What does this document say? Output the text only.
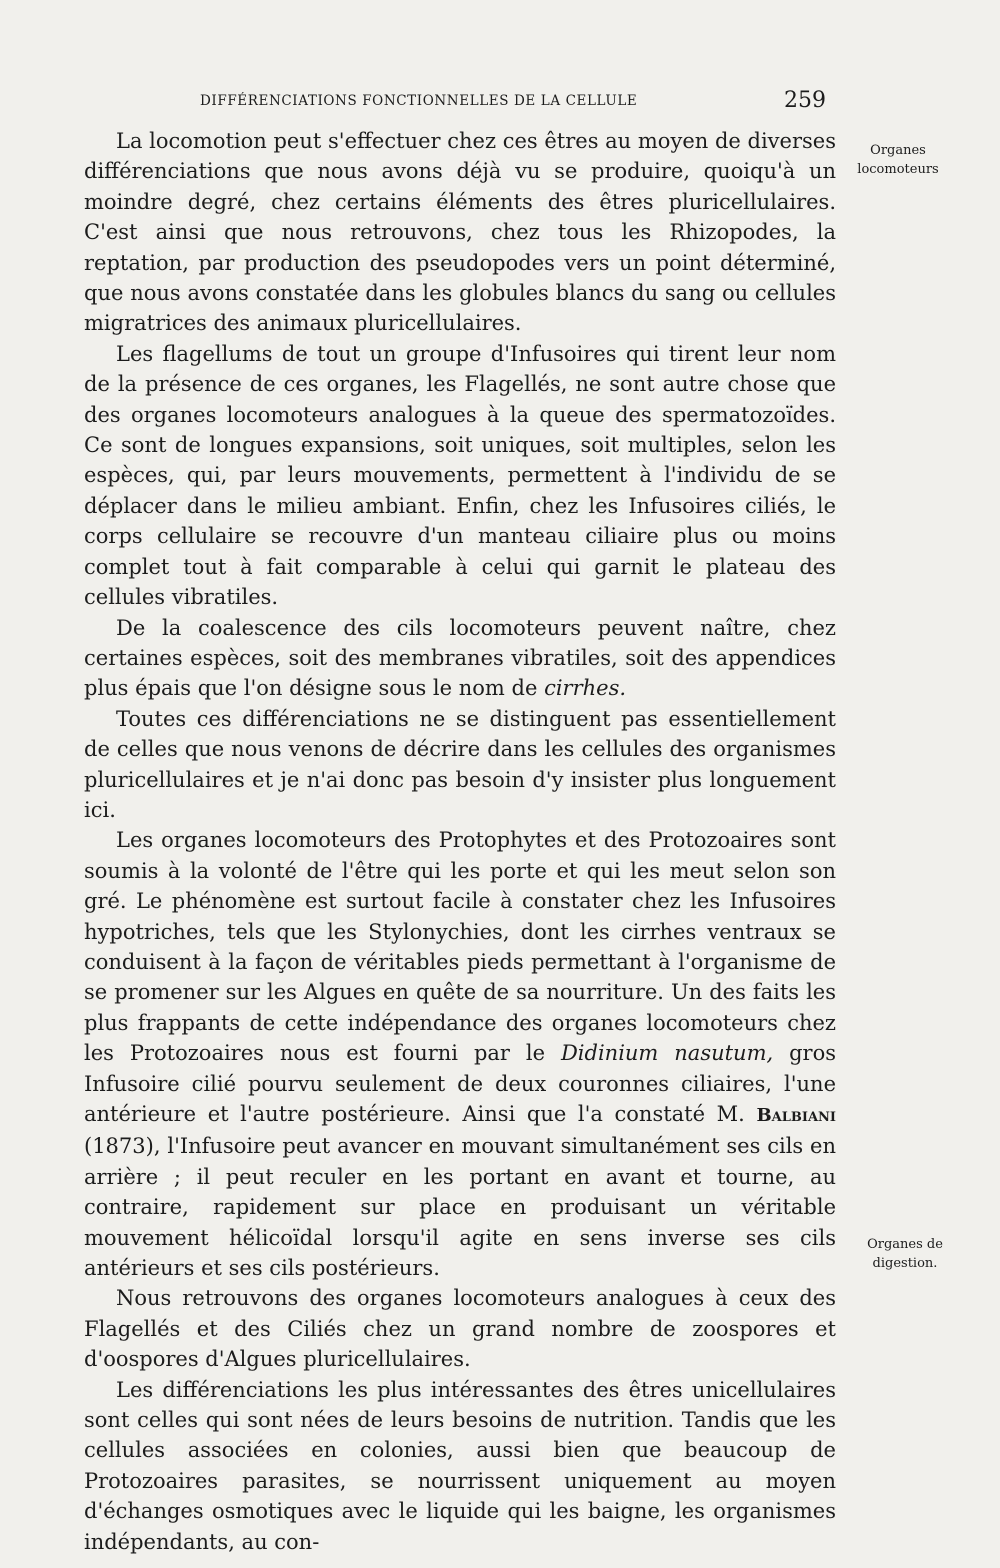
DIFFÉRENCIATIONS FONCTIONNELLES DE LA CELLULE	259
Organes locomoteurs
Organes de digestion.

La locomotion peut s'effectuer chez ces êtres au moyen de diverses différenciations que nous avons déjà vu se produire, quoiqu'à un moindre degré, chez certains éléments des êtres pluricellulaires. C'est ainsi que nous retrouvons, chez tous les Rhizopodes, la reptation, par production des pseudopodes vers un point déterminé, que nous avons constatée dans les globules blancs du sang ou cellules migratrices des animaux pluricellulaires.

Les flagellums de tout un groupe d'Infusoires qui tirent leur nom de la présence de ces organes, les Flagellés, ne sont autre chose que des organes locomoteurs analogues à la queue des spermatozoïdes. Ce sont de longues expansions, soit uniques, soit multiples, selon les espèces, qui, par leurs mouvements, permettent à l'individu de se déplacer dans le milieu ambiant. Enfin, chez les Infusoires ciliés, le corps cellulaire se recouvre d'un manteau ciliaire plus ou moins complet tout à fait comparable à celui qui garnit le plateau des cellules vibratiles.

De la coalescence des cils locomoteurs peuvent naître, chez certaines espèces, soit des membranes vibratiles, soit des appendices plus épais que l'on désigne sous le nom de cirrhes.

Toutes ces différenciations ne se distinguent pas essentiellement de celles que nous venons de décrire dans les cellules des organismes pluricellulaires et je n'ai donc pas besoin d'y insister plus longuement ici.

Les organes locomoteurs des Protophytes et des Protozoaires sont soumis à la volonté de l'être qui les porte et qui les meut selon son gré. Le phénomène est surtout facile à constater chez les Infusoires hypotriches, tels que les Stylonychies, dont les cirrhes ventraux se conduisent à la façon de véritables pieds permettant à l'organisme de se promener sur les Algues en quête de sa nourriture. Un des faits les plus frappants de cette indépendance des organes locomoteurs chez les Protozoaires nous est fourni par le Didinium nasutum, gros Infusoire cilié pourvu seulement de deux couronnes ciliaires, l'une antérieure et l'autre postérieure. Ainsi que l'a constaté M. Balbiani (1873), l'Infusoire peut avancer en mouvant simultanément ses cils en arrière ; il peut reculer en les portant en avant et tourne, au contraire, rapidement sur place en produisant un véritable mouvement hélicoïdal lorsqu'il agite en sens inverse ses cils antérieurs et ses cils postérieurs.

Nous retrouvons des organes locomoteurs analogues à ceux des Flagellés et des Ciliés chez un grand nombre de zoospores et d'oospores d'Algues pluricellulaires.

Les différenciations les plus intéressantes des êtres unicellulaires sont celles qui sont nées de leurs besoins de nutrition. Tandis que les cellules associées en colonies, aussi bien que beaucoup de Protozoaires parasites, se nourrissent uniquement au moyen d'échanges osmotiques avec le liquide qui les baigne, les organismes indépendants, au con-
